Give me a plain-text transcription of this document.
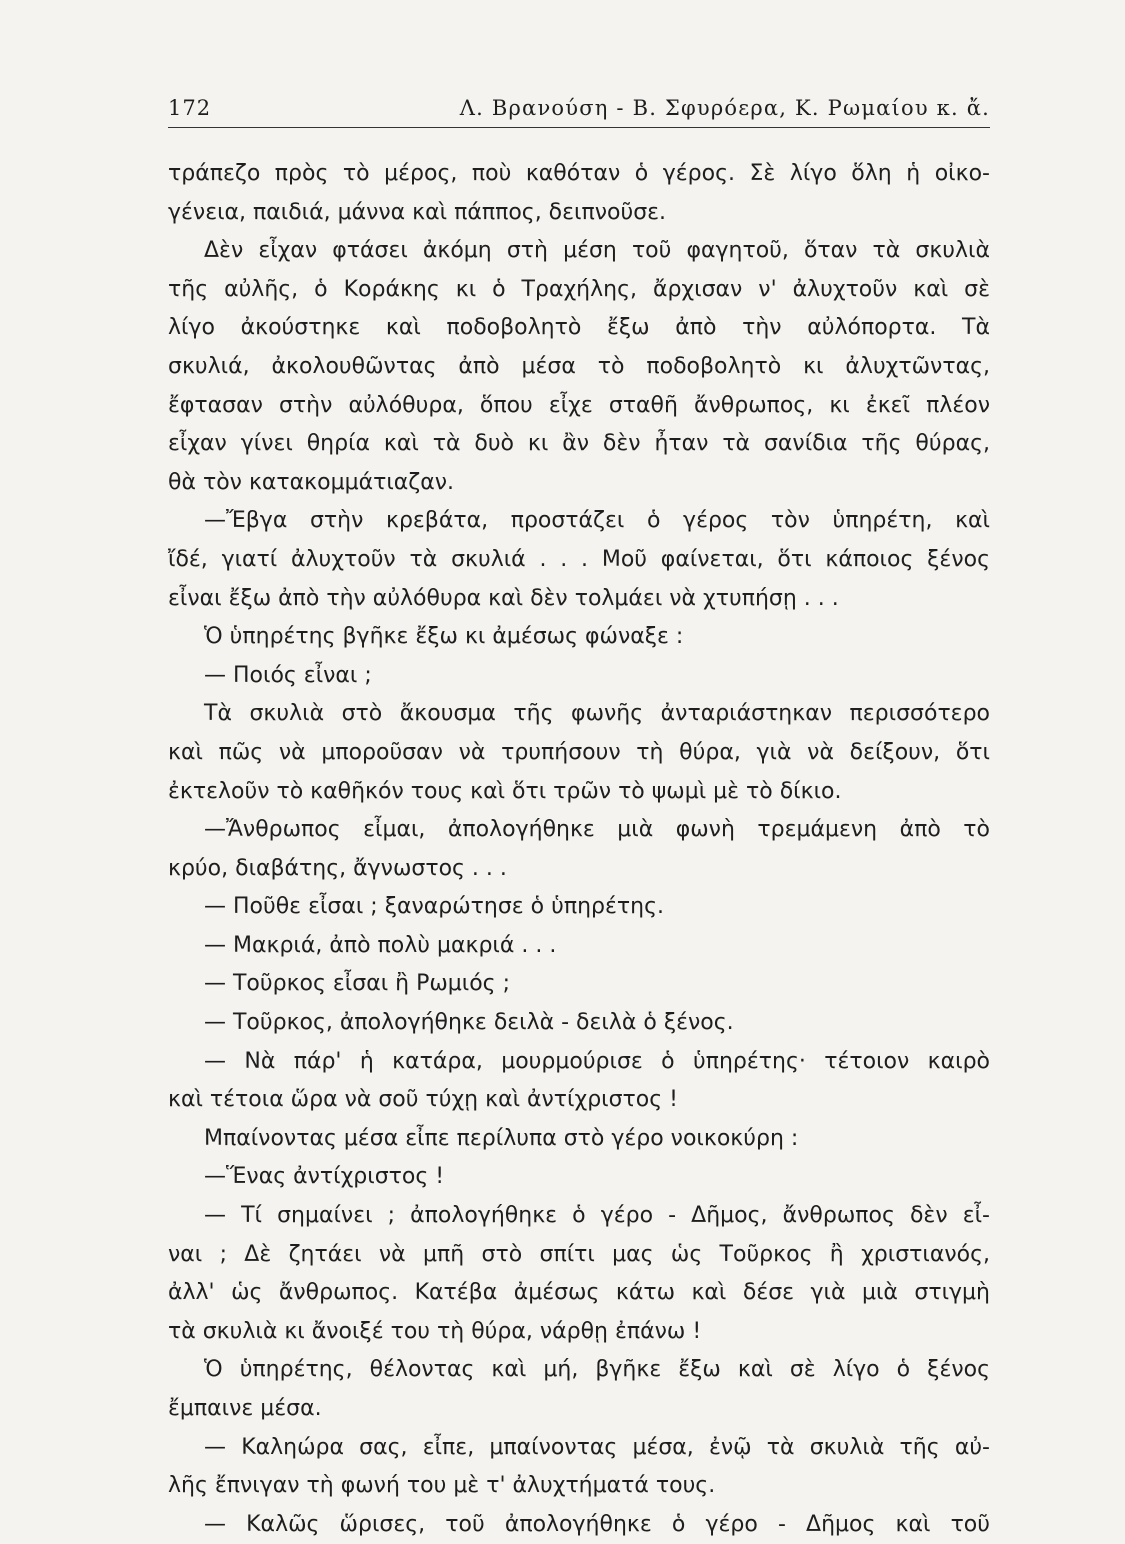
172	Λ. Βρανούση - Β. Σφυρόερα, Κ. Ρωμαίου κ. ἄ.
τράπεζο πρὸς τὸ μέρος, ποὺ καθόταν ὁ γέρος. Σὲ λίγο ὅλη ἡ οἰκο-
γένεια, παιδιά, μάννα καὶ πάππος, δειπνοῦσε.
Δὲν εἶχαν φτάσει ἀκόμη στὴ μέση τοῦ φαγητοῦ, ὅταν τὰ σκυλιὰ
τῆς αὐλῆς, ὁ Κοράκης κι ὁ Τραχήλης, ἄρχισαν ν' ἀλυχτοῦν καὶ σὲ
λίγο ἀκούστηκε καὶ ποδοβολητὸ ἔξω ἀπὸ τὴν αὐλόπορτα. Τὰ
σκυλιά, ἀκολουθῶντας ἀπὸ μέσα τὸ ποδοβολητὸ κι ἀλυχτῶντας,
ἔφτασαν στὴν αὐλόθυρα, ὅπου εἶχε σταθῆ ἄνθρωπος, κι ἐκεῖ πλέον
εἶχαν γίνει θηρία καὶ τὰ δυὸ κι ἂν δὲν ἦταν τὰ σανίδια τῆς θύρας,
θὰ τὸν κατακομμάτιαζαν.
—Ἔβγα στὴν κρεβάτα, προστάζει ὁ γέρος τὸν ὑπηρέτη, καὶ
ἴδέ, γιατί ἀλυχτοῦν τὰ σκυλιά . . . Μοῦ φαίνεται, ὅτι κάποιος ξένος
εἶναι ἔξω ἀπὸ τὴν αὐλόθυρα καὶ δὲν τολμάει νὰ χτυπήσῃ . . .
Ὁ ὑπηρέτης βγῆκε ἔξω κι ἀμέσως φώναξε :
— Ποιός εἶναι ;
Τὰ σκυλιὰ στὸ ἄκουσμα τῆς φωνῆς ἀνταριάστηκαν περισσότερο
καὶ πῶς νὰ μποροῦσαν νὰ τρυπήσουν τὴ θύρα, γιὰ νὰ δείξουν, ὅτι
ἐκτελοῦν τὸ καθῆκόν τους καὶ ὅτι τρῶν τὸ ψωμὶ μὲ τὸ δίκιο.
—Ἄνθρωπος εἶμαι, ἀπολογήθηκε μιὰ φωνὴ τρεμάμενη ἀπὸ τὸ
κρύο, διαβάτης, ἄγνωστος . . .
— Ποῦθε εἶσαι ; ξαναρώτησε ὁ ὑπηρέτης.
— Μακριά, ἀπὸ πολὺ μακριά . . .
— Τοῦρκος εἶσαι ἢ Ρωμιός ;
— Τοῦρκος, ἀπολογήθηκε δειλὰ - δειλὰ ὁ ξένος.
— Νὰ πάρ' ἡ κατάρα, μουρμούρισε ὁ ὑπηρέτης· τέτοιον καιρὸ
καὶ τέτοια ὥρα νὰ σοῦ τύχῃ καὶ ἀντίχριστος !
Μπαίνοντας μέσα εἶπε περίλυπα στὸ γέρο νοικοκύρη :
—Ἕνας ἀντίχριστος !
— Τί σημαίνει ; ἀπολογήθηκε ὁ γέρο - Δῆμος, ἄνθρωπος δὲν εἶ-
ναι ; Δὲ ζητάει νὰ μπῆ στὸ σπίτι μας ὡς Τοῦρκος ἢ χριστιανός,
ἀλλ' ὡς ἄνθρωπος. Κατέβα ἀμέσως κάτω καὶ δέσε γιὰ μιὰ στιγμὴ
τὰ σκυλιὰ κι ἄνοιξέ του τὴ θύρα, νάρθῃ ἐπάνω !
Ὁ ὑπηρέτης, θέλοντας καὶ μή, βγῆκε ἔξω καὶ σὲ λίγο ὁ ξένος
ἔμπαινε μέσα.
— Καληώρα σας, εἶπε, μπαίνοντας μέσα, ἐνῷ τὰ σκυλιὰ τῆς αὐ-
λῆς ἔπνιγαν τὴ φωνή του μὲ τ' ἀλυχτήματά τους.
— Καλῶς ὥρισες, τοῦ ἀπολογήθηκε ὁ γέρο - Δῆμος καὶ τοῦ
